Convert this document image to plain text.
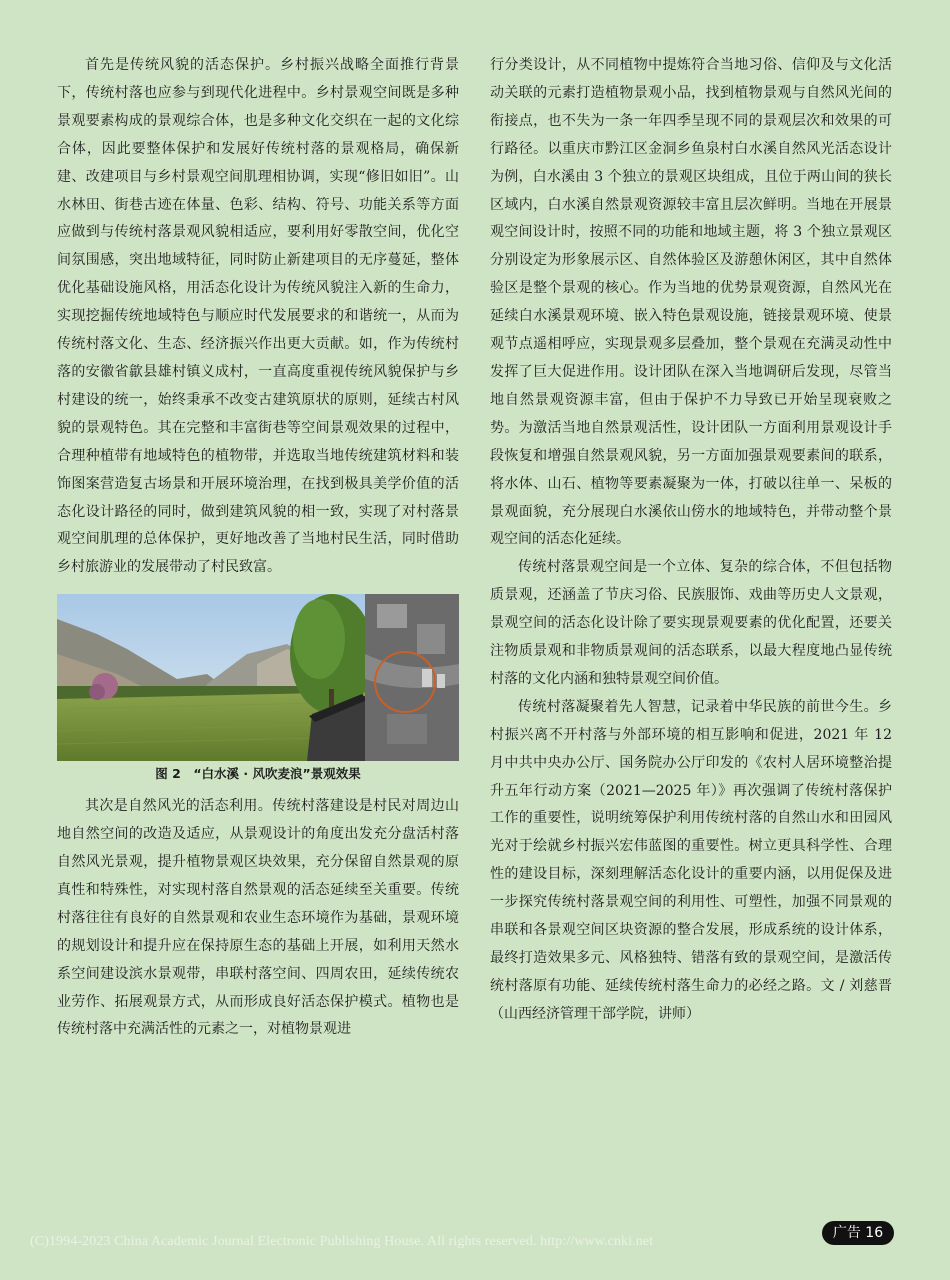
首先是传统风貌的活态保护。乡村振兴战略全面推行背景下，传统村落也应参与到现代化进程中。乡村景观空间既是多种景观要素构成的景观综合体，也是多种文化交织在一起的文化综合体，因此要整体保护和发展好传统村落的景观格局，确保新建、改建项目与乡村景观空间肌理相协调，实现“修旧如旧”。山水林田、街巷古迹在体量、色彩、结构、符号、功能关系等方面应做到与传统村落景观风貌相适应，要利用好零散空间，优化空间氛围感，突出地域特征，同时防止新建项目的无序蔓延，整体优化基础设施风格，用活态化设计为传统风貌注入新的生命力，实现挖掘传统地域特色与顺应时代发展要求的和谐统一，从而为传统村落文化、生态、经济振兴作出更大贡献。如，作为传统村落的安徽省歙县雄村镇义成村，一直高度重视传统风貌保护与乡村建设的统一，始终秉承不改变古建筑原状的原则，延续古村风貌的景观特色。其在完整和丰富街巷等空间景观效果的过程中，合理种植带有地域特色的植物带，并选取当地传统建筑材料和装饰图案营造复古场景和开展环境治理，在找到极具美学价值的活态化设计路径的同时，做到建筑风貌的相一致，实现了对村落景观空间肌理的总体保护，更好地改善了当地村民生活，同时借助乡村旅游业的发展带动了村民致富。

图 2　“白水溪 · 风吹麦浪”景观效果

其次是自然风光的活态利用。传统村落建设是村民对周边山地自然空间的改造及适应，从景观设计的角度出发充分盘活村落自然风光景观，提升植物景观区块效果，充分保留自然景观的原真性和特殊性，对实现村落自然景观的活态延续至关重要。传统村落往往有良好的自然景观和农业生态环境作为基础，景观环境的规划设计和提升应在保持原生态的基础上开展，如利用天然水系空间建设滨水景观带，串联村落空间、四周农田，延续传统农业劳作、拓展观景方式，从而形成良好活态保护模式。植物也是传统村落中充满活性的元素之一，对植物景观进

行分类设计，从不同植物中提炼符合当地习俗、信仰及与文化活动关联的元素打造植物景观小品，找到植物景观与自然风光间的衔接点，也不失为一条一年四季呈现不同的景观层次和效果的可行路径。以重庆市黔江区金洞乡鱼泉村白水溪自然风光活态设计为例，白水溪由 3 个独立的景观区块组成，且位于两山间的狭长区域内，白水溪自然景观资源较丰富且层次鲜明。当地在开展景观空间设计时，按照不同的功能和地域主题，将 3 个独立景观区分别设定为形象展示区、自然体验区及游憩休闲区，其中自然体验区是整个景观的核心。作为当地的优势景观资源，自然风光在延续白水溪景观环境、嵌入特色景观设施，链接景观环境、使景观节点遥相呼应，实现景观多层叠加，整个景观在充满灵动性中发挥了巨大促进作用。设计团队在深入当地调研后发现，尽管当地自然景观资源丰富，但由于保护不力导致已开始呈现衰败之势。为激活当地自然景观活性，设计团队一方面利用景观设计手段恢复和增强自然景观风貌，另一方面加强景观要素间的联系，将水体、山石、植物等要素凝聚为一体，打破以往单一、呆板的景观面貌，充分展现白水溪依山傍水的地域特色，并带动整个景观空间的活态化延续。

传统村落景观空间是一个立体、复杂的综合体，不但包括物质景观，还涵盖了节庆习俗、民族服饰、戏曲等历史人文景观，景观空间的活态化设计除了要实现景观要素的优化配置，还要关注物质景观和非物质景观间的活态联系，以最大程度地凸显传统村落的文化内涵和独特景观空间价值。

传统村落凝聚着先人智慧，记录着中华民族的前世今生。乡村振兴离不开村落与外部环境的相互影响和促进，2021 年 12 月中共中央办公厅、国务院办公厅印发的《农村人居环境整治提升五年行动方案（2021—2025 年）》再次强调了传统村落保护工作的重要性，说明统筹保护利用传统村落的自然山水和田园风光对于绘就乡村振兴宏伟蓝图的重要性。树立更具科学性、合理性的建设目标，深刻理解活态化设计的重要内涵，以用促保及进一步探究传统村落景观空间的利用性、可塑性，加强不同景观的串联和各景观空间区块资源的整合发展，形成系统的设计体系，最终打造效果多元、风格独特、错落有致的景观空间，是激活传统村落原有功能、延续传统村落生命力的必经之路。文 / 刘慈晋（山西经济管理干部学院，讲师）

(C)1994-2023 China Academic Journal Electronic Publishing House. All rights reserved. http://www.cnki.net
广告 16
